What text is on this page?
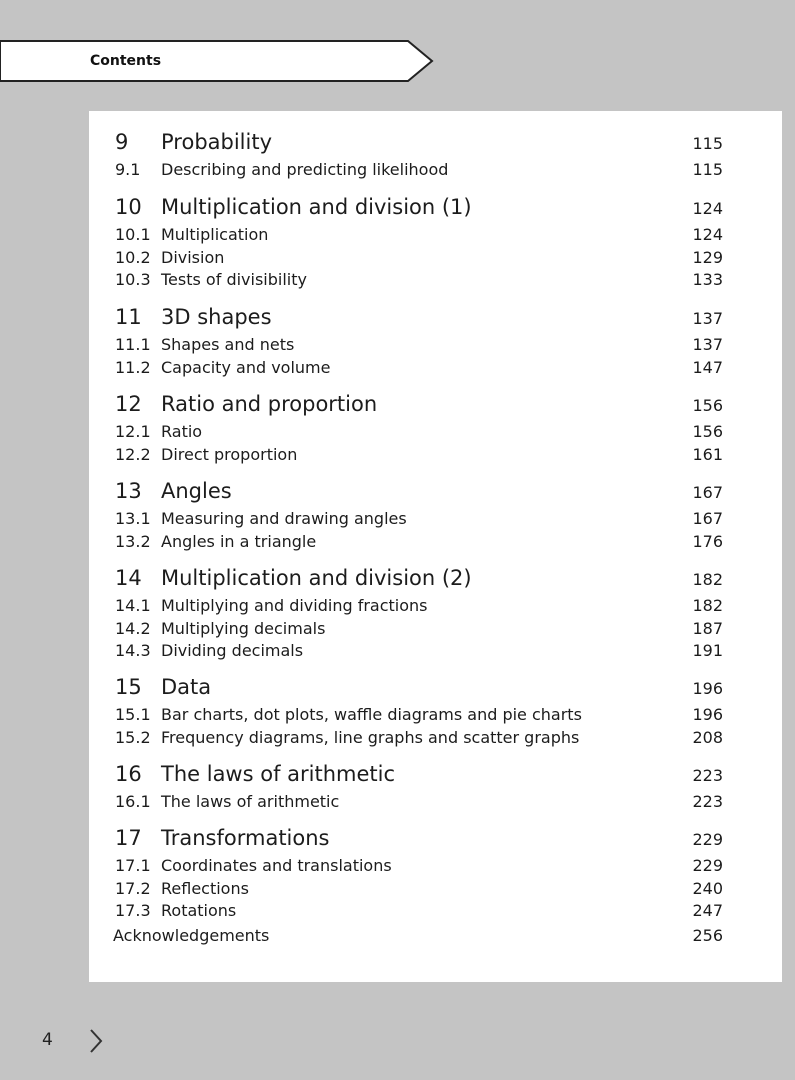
Contents
9 Probability	115
9.1 Describing and predicting likelihood	115
10 Multiplication and division (1)	124
10.1 Multiplication	124
10.2 Division	129
10.3 Tests of divisibility	133
11 3D shapes	137
11.1 Shapes and nets	137
11.2 Capacity and volume	147
12 Ratio and proportion	156
12.1 Ratio	156
12.2 Direct proportion	161
13 Angles	167
13.1 Measuring and drawing angles	167
13.2 Angles in a triangle	176
14 Multiplication and division (2)	182
14.1 Multiplying and dividing fractions	182
14.2 Multiplying decimals	187
14.3 Dividing decimals	191
15 Data	196
15.1 Bar charts, dot plots, waffle diagrams and pie charts	196
15.2 Frequency diagrams, line graphs and scatter graphs	208
16 The laws of arithmetic	223
16.1 The laws of arithmetic	223
17 Transformations	229
17.1 Coordinates and translations	229
17.2 Reflections	240
17.3 Rotations	247
Acknowledgements	256
4
